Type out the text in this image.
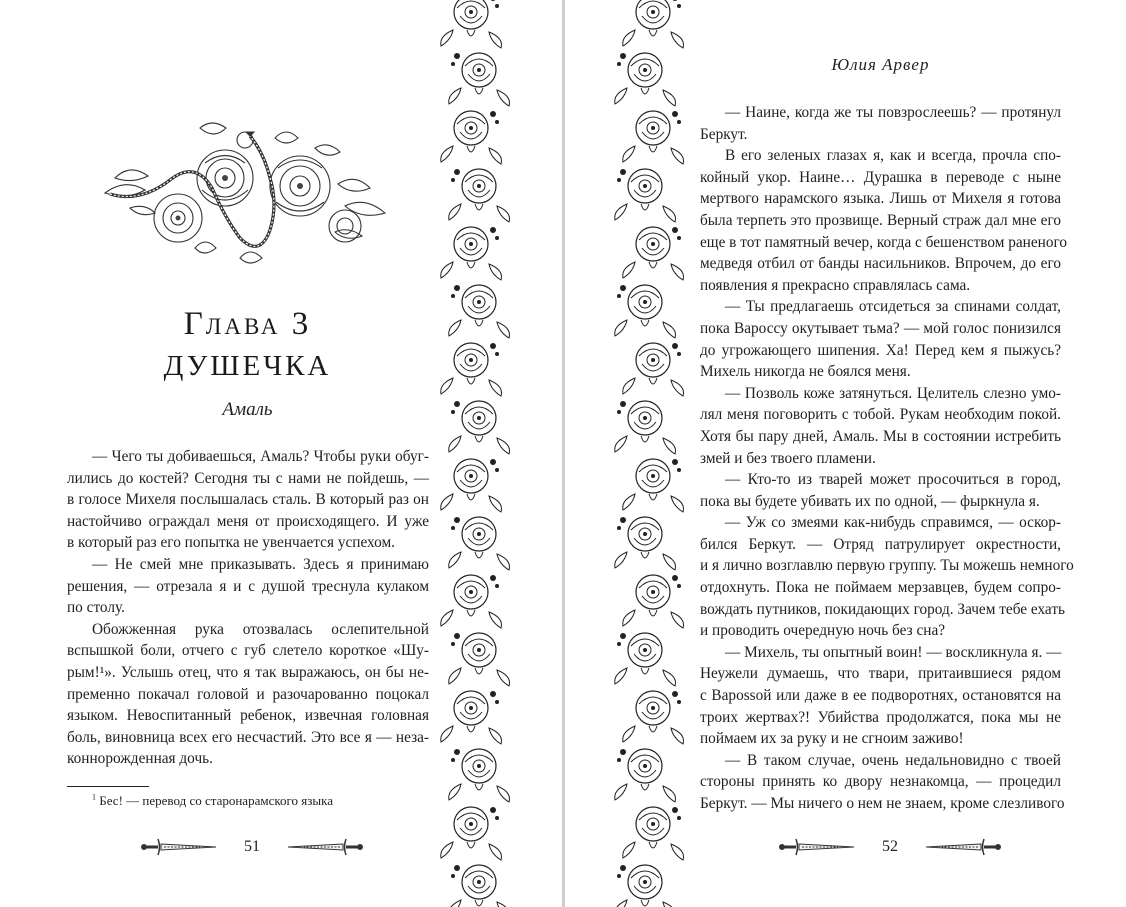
Глава 3
ДУШЕЧКА
Амаль
— Чего ты добиваешься, Амаль? Чтобы руки обуг-
лились до костей? Сегодня ты с нами не пойдешь, —
в голосе Михеля послышалась сталь. В который раз он
настойчиво ограждал меня от происходящего. И уже
в который раз его попытка не увенчается успехом.
— Не смей мне приказывать. Здесь я принимаю
решения, — отрезала я и с душой треснула кулаком
по столу.
Обожженная рука отозвалась ослепительной
вспышкой боли, отчего с губ слетело короткое «Шу-
рым!¹». Услышь отец, что я так выражаюсь, он бы не-
пременно покачал головой и разочарованно поцокал
языком. Невоспитанный ребенок, извечная головная
боль, виновница всех его несчастий. Это все я — неза-
коннорожденная дочь.
$^1$ Бес! — перевод со старонарамского языка
51
Юлия Арвер
— Наине, когда же ты повзрослеешь? — протянул
Беркут.
В его зеленых глазах я, как и всегда, прочла спо-
койный укор. Наине… Дурашка в переводе с ныне
мертвого нарамского языка. Лишь от Михеля я готова
была терпеть это прозвище. Верный страж дал мне его
еще в тот памятный вечер, когда с бешенством раненого
медведя отбил от банды насильников. Впрочем, до его
появления я прекрасно справлялась сама.
— Ты предлагаешь отсидеться за спинами солдат,
пока Вароссу окутывает тьма? — мой голос понизился
до угрожающего шипения. Ха! Перед кем я пыжусь?
Михель никогда не боялся меня.
— Позволь коже затянуться. Целитель слезно умо-
лял меня поговорить с тобой. Рукам необходим покой.
Хотя бы пару дней, Амаль. Мы в состоянии истребить
змей и без твоего пламени.
— Кто-то из тварей может просочиться в город,
пока вы будете убивать их по одной, — фыркнула я.
— Уж со змеями как-нибудь справимся, — оскор-
бился Беркут. — Отряд патрулирует окрестности,
и я лично возглавлю первую группу. Ты можешь немного
отдохнуть. Пока не поймаем мерзавцев, будем сопро-
вождать путников, покидающих город. Зачем тебе ехать
и проводить очередную ночь без сна?
— Михель, ты опытный воин! — воскликнула я. —
Неужели думаешь, что твари, притаившиеся рядом
с Варossой или даже в ее подворотнях, остановятся на
троих жертвах?! Убийства продолжатся, пока мы не
поймаем их за руку и не сгноим заживо!
— В таком случае, очень недальновидно с твоей
стороны принять ко двору незнакомца, — процедил
Беркут. — Мы ничего о нем не знаем, кроме слезливого
52
